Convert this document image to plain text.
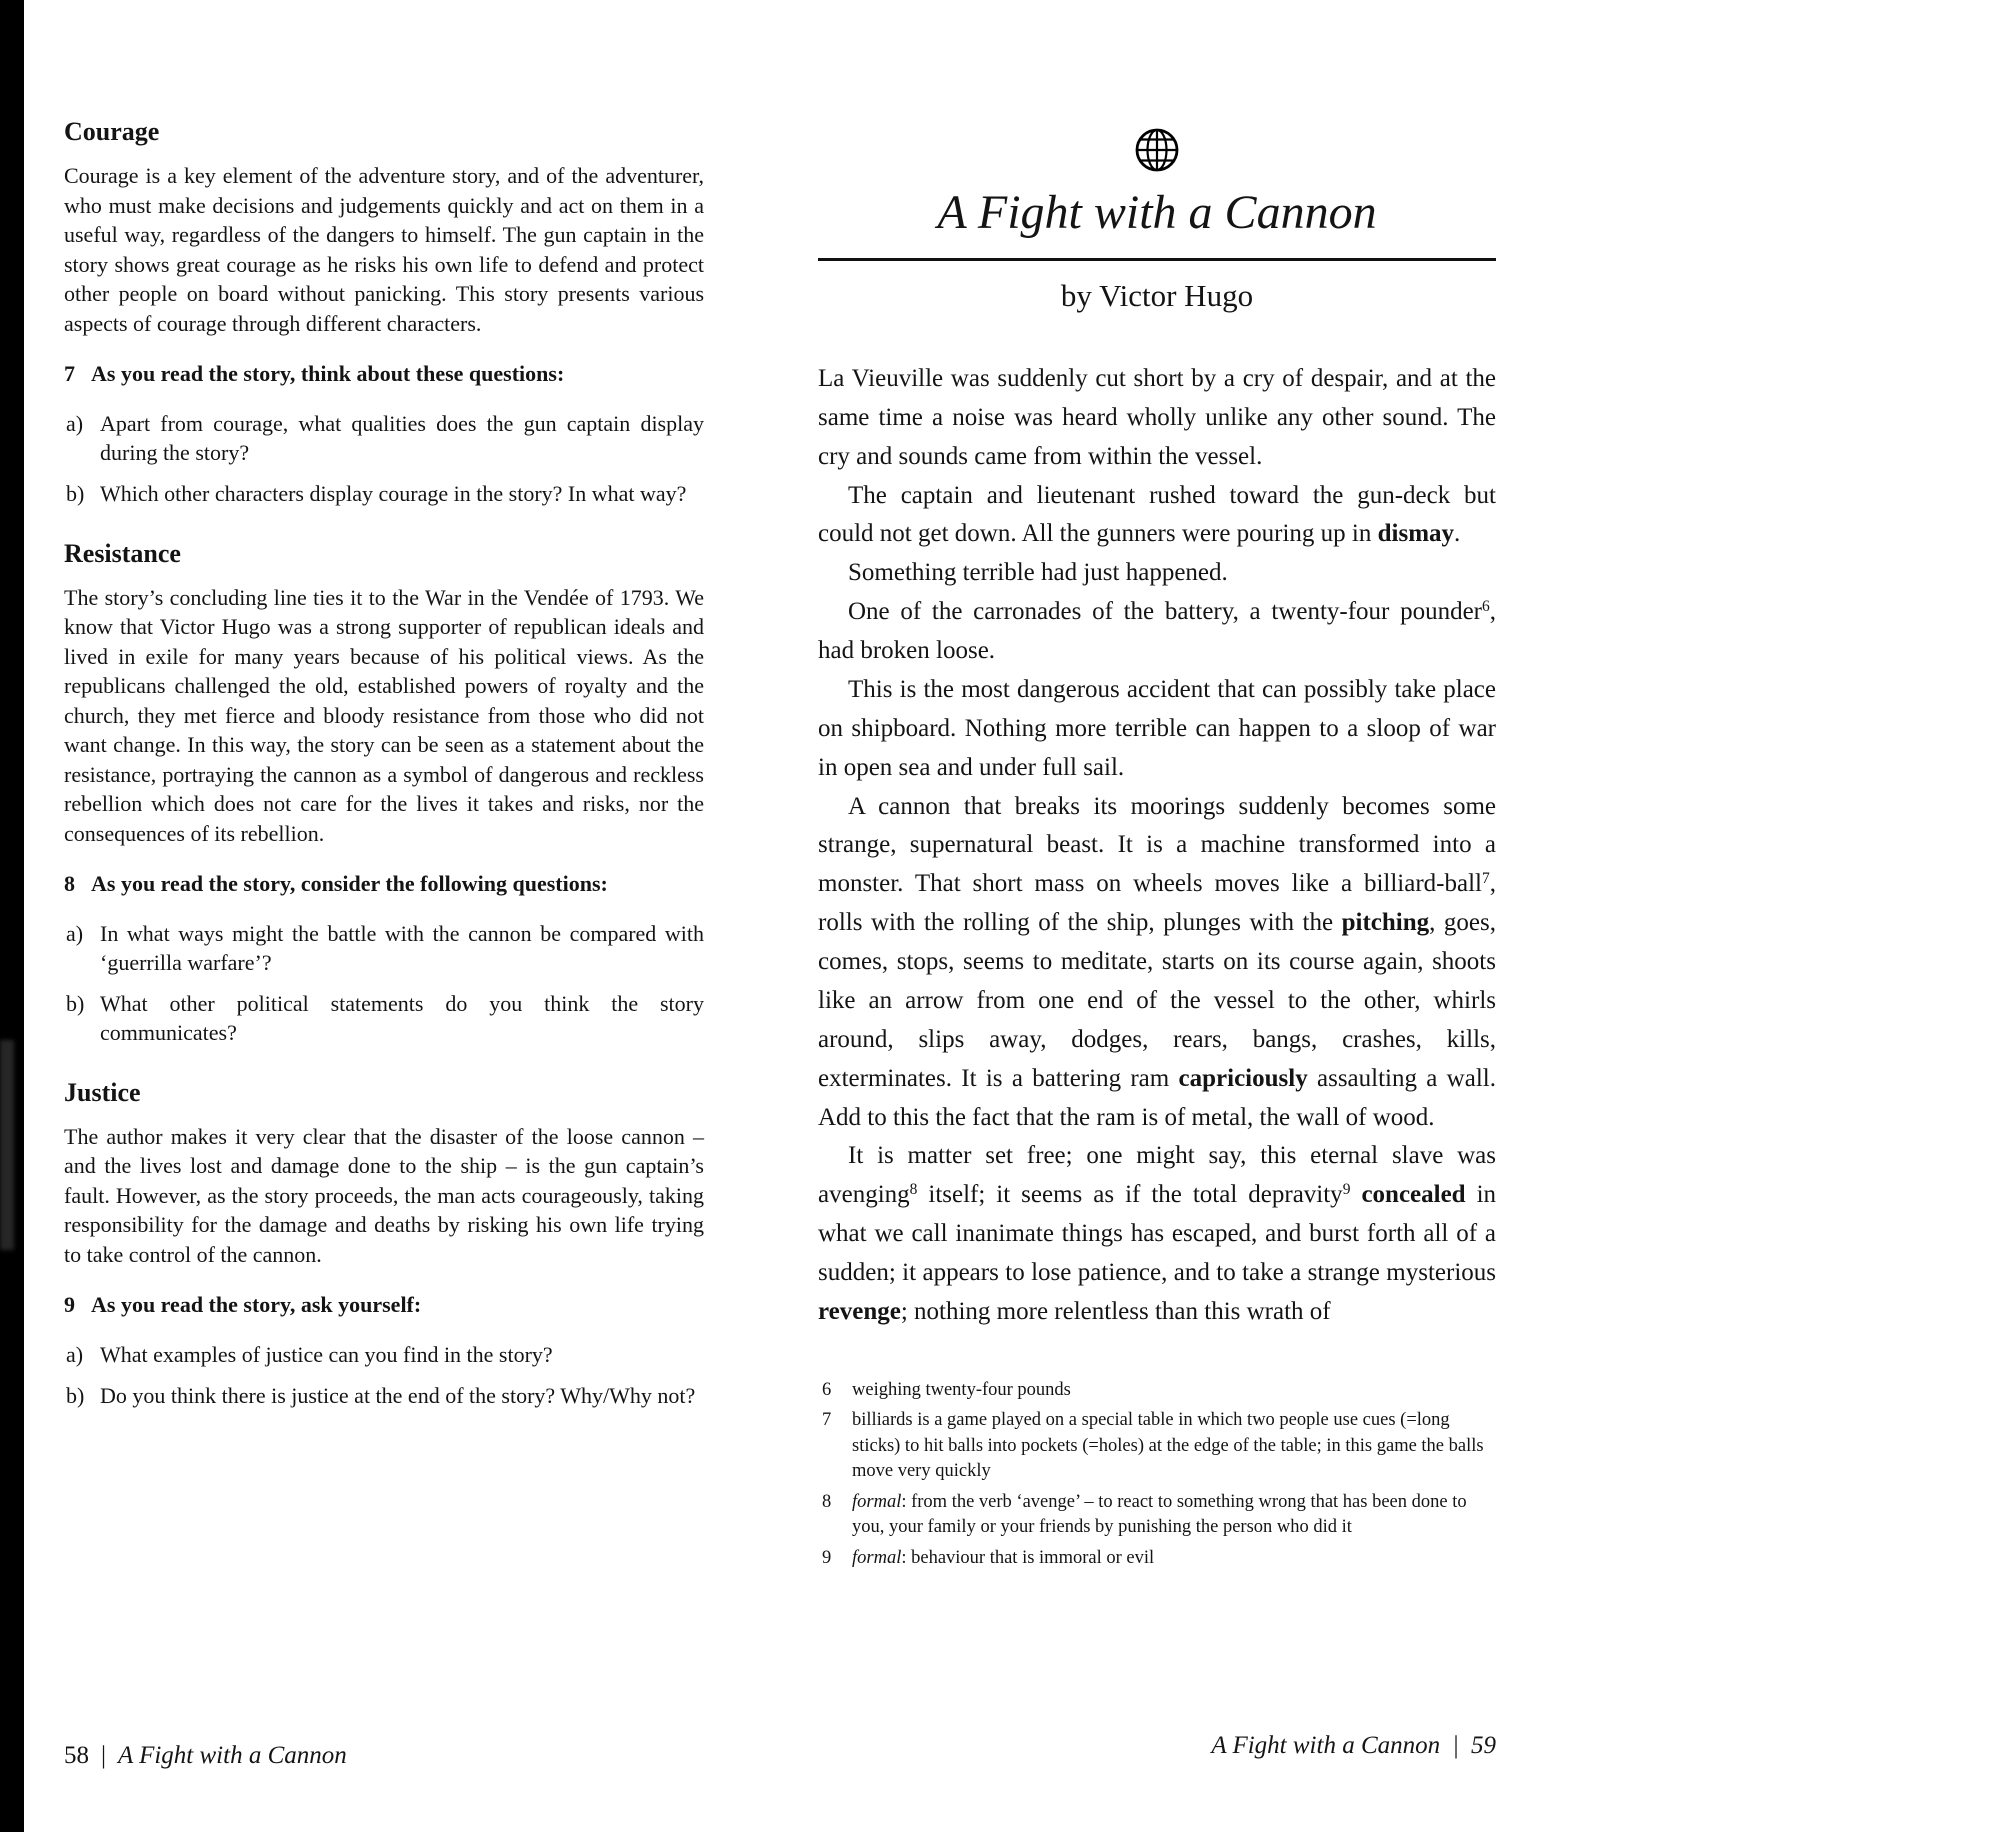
Courage

Courage is a key element of the adventure story, and of the adventurer, who must make decisions and judgements quickly and act on them in a useful way, regardless of the dangers to himself. The gun captain in the story shows great courage as he risks his own life to defend and protect other people on board without panicking. This story presents various aspects of courage through different characters.

7 As you read the story, think about these questions:

a) Apart from courage, what qualities does the gun captain display during the story?
b) Which other characters display courage in the story? In what way?
Resistance

The story’s concluding line ties it to the War in the Vendée of 1793. We know that Victor Hugo was a strong supporter of republican ideals and lived in exile for many years because of his political views. As the republicans challenged the old, established powers of royalty and the church, they met fierce and bloody resistance from those who did not want change. In this way, the story can be seen as a statement about the resistance, portraying the cannon as a symbol of dangerous and reckless rebellion which does not care for the lives it takes and risks, nor the consequences of its rebellion.

8 As you read the story, consider the following questions:

a) In what ways might the battle with the cannon be compared with ‘guerrilla warfare’?
b) What other political statements do you think the story communicates?
Justice

The author makes it very clear that the disaster of the loose cannon – and the lives lost and damage done to the ship – is the gun captain’s fault. However, as the story proceeds, the man acts courageously, taking responsibility for the damage and deaths by risking his own life trying to take control of the cannon.

9 As you read the story, ask yourself:

a) What examples of justice can you find in the story?
b) Do you think there is justice at the end of the story? Why/Why not?
58 | A Fight with a Cannon
A Fight with a Cannon
by Victor Hugo

La Vieuville was suddenly cut short by a cry of despair, and at the same time a noise was heard wholly unlike any other sound. The cry and sounds came from within the vessel.

The captain and lieutenant rushed toward the gun-deck but could not get down. All the gunners were pouring up in dismay.

Something terrible had just happened.

One of the carronades of the battery, a twenty-four pounder$^6$, had broken loose.

This is the most dangerous accident that can possibly take place on shipboard. Nothing more terrible can happen to a sloop of war in open sea and under full sail.

A cannon that breaks its moorings suddenly becomes some strange, supernatural beast. It is a machine transformed into a monster. That short mass on wheels moves like a billiard-ball$^7$, rolls with the rolling of the ship, plunges with the pitching, goes, comes, stops, seems to meditate, starts on its course again, shoots like an arrow from one end of the vessel to the other, whirls around, slips away, dodges, rears, bangs, crashes, kills, exterminates. It is a battering ram capriciously assaulting a wall. Add to this the fact that the ram is of metal, the wall of wood.

It is matter set free; one might say, this eternal slave was avenging$^8$ itself; it seems as if the total depravity$^9$ concealed in what we call inanimate things has escaped, and burst forth all of a sudden; it appears to lose patience, and to take a strange mysterious revenge; nothing more relentless than this wrath of

6 weighing twenty-four pounds
7 billiards is a game played on a special table in which two people use cues (=long sticks) to hit balls into pockets (=holes) at the edge of the table; in this game the balls move very quickly
8 formal: from the verb ‘avenge’ – to react to something wrong that has been done to you, your family or your friends by punishing the person who did it
9 formal: behaviour that is immoral or evil
A Fight with a Cannon | 59
